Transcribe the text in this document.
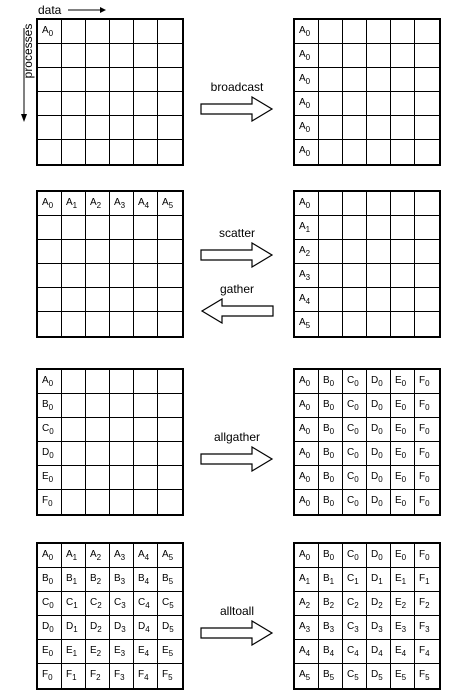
data
processes $A_0$	$A_0$
$A_0$
$A_0$
$A_0$
$A_0$
$A_0$
broadcast
$A_0$ $A_1$ $A_2$ $A_3$ $A_4$ $A_5$	$A_0$
$A_1$
$A_2$
$A_3$
$A_4$
$A_5$
scatter
gather
$A_0$
$B_0$
$C_0$
$D_0$
$E_0$
$F_0$
$A_0$ $B_0$ $C_0$ $D_0$ $E_0$ $F_0$
$A_0$ $B_0$ $C_0$ $D_0$ $E_0$ $F_0$
$A_0$ $B_0$ $C_0$ $D_0$ $E_0$ $F_0$
$A_0$ $B_0$ $C_0$ $D_0$ $E_0$ $F_0$
$A_0$ $B_0$ $C_0$ $D_0$ $E_0$ $F_0$
$A_0$ $B_0$ $C_0$ $D_0$ $E_0$ $F_0$
allgather
$A_0$ $A_1$ $A_2$ $A_3$ $A_4$ $A_5$
$B_0$ $B_1$ $B_2$ $B_3$ $B_4$ $B_5$
$C_0$ $C_1$ $C_2$ $C_3$ $C_4$ $C_5$
$D_0$ $D_1$ $D_2$ $D_3$ $D_4$ $D_5$
$E_0$ $E_1$ $E_2$ $E_3$ $E_4$ $E_5$
$F_0$ $F_1$ $F_2$ $F_3$ $F_4$ $F_5$
$A_0$ $B_0$ $C_0$ $D_0$ $E_0$ $F_0$
$A_1$ $B_1$ $C_1$ $D_1$ $E_1$ $F_1$
$A_2$ $B_2$ $C_2$ $D_2$ $E_2$ $F_2$
$A_3$ $B_3$ $C_3$ $D_3$ $E_3$ $F_3$
$A_4$ $B_4$ $C_4$ $D_4$ $E_4$ $F_4$
$A_5$ $B_5$ $C_5$ $D_5$ $E_5$ $F_5$
alltoall
